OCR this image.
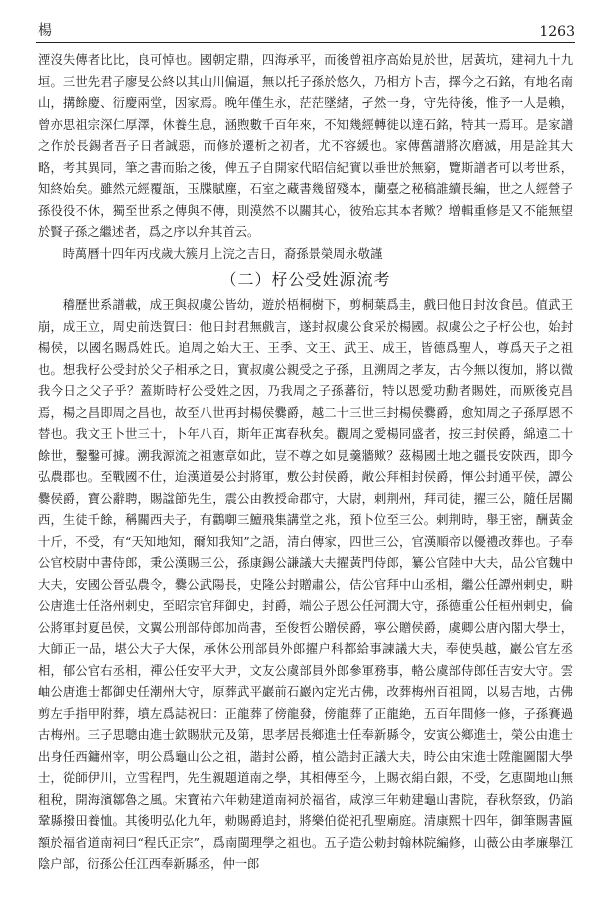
楊	1263

湮沒失傳者比比，良可悼也。國朝定鼎，四海承平，而後曾祖序高始見於世，居黃坑，建祠九十九垣。三世先君子廖旻公終以其山川偏逼，無以托子孫於悠久，乃相方卜吉，擇今之石銘，有地名南山，搆餘慶、衍慶兩堂，因家焉。晚年僅生永，茫茫墜緒，孑然一身，守先待後，惟予一人是賴，曾亦思祖宗深仁厚澤，休養生息，涵煦數千百年來，不知幾經轉徙以達石銘，特其一焉耳。是家譜之作於長錫者吾子日者誠惡，而修於遷析之初者，尤不容緩也。家傳舊譜將次磨滅，用是詮其大略，考其異同，筆之書而貽之後，俾五子自開家代昭信紀實以垂世於無窮，覽斯譜者可以考世系，知終始矣。雖然元經覆瓿，玉牒賦塵，石室之藏書幾留殘本，蘭臺之秘稿誰續長編，世之人經營子孫役役不休，獨至世系之傳與不傳，則漠然不以關其心，彼殆忘其本者歟？增輯重修是又不能無望於賢子孫之繼述者，爲之序以弁其首云。

時萬曆十四年丙戌歲大簇月上浣之吉日，裔孫景榮周永敬謹

（二）杍公受姓源流考

稽歷世系譜載，成王與叔虞公皆幼，遊於梧桐樹下，剪桐葉爲圭，戲曰他日封汝食邑。值武王崩，成王立，周史前迭賀曰：他日封君無戲言，遂封叔虞公食采於楊國。叔虞公之子杍公也，始封楊侯，以國名賜爲姓氏。追周之始大王、王季、文王、武王、成王，皆德爲聖人，尊爲天子之祖也。想我杍公受封於父子相承之日，實叔虞公親受之子孫，且溯周之孝友，古今無以復加，將以微我今日之父子乎？蓋斯時杍公受姓之因，乃我周之子孫蕃衍，特以恩愛功勳者賜姓，而厥後克昌焉，楊之昌即周之昌也，故至八世再封楊侯爨爵，越二十三世三封楊侯爨爵，愈知周之子孫厚恩不替也。我文王卜世三十，卜年八百，斯年正寓春秋矣。觀周之愛楊同盛者，按三封侯爵，綿遠二十餘世，鑿鑿可據。溯我源流之祖憲章如此，豈不尊之如見羹牆歟？茲楊國土地之疆長安陝西，即今弘農郡也。至戰國不仕，迨漢道晏公封將軍，敷公封侯爵，敞公拜相封侯爵，惲公封通平侯，譚公爨侯爵，寶公辭聘，賜諡節先生，震公由教授命郡守，大尉，剌荆州，拜司徒，擢三公，隨任居關西，生徒千餘，稱關西夫子，有鸛啣三鱣飛集講堂之兆，預卜位至三公。剌荆時，舉王密，酬黃金十斤，不受，有“天知地知，爾知我知”之語，清白傳家，四世三公，官漢順帝以優禮改葬也。子奉公官校尉中書侍郎，秉公漢賜三公，孫康錫公謙議大夫擢黃門侍郎，纂公官陸中大夫，品公官魏中大夫，安國公晉弘農令，爨公武陽長，史隆公封贈肅公，佶公官拜中山丞相，繼公任譚州剌史，畊公唐進士任洛州剌史，至昭宗官拜御史，封爵，端公子恩公任河潤大守，孫德重公任桓州剌史，倫公將軍封夏邑侯，文翼公刑部侍郎加尚書，至俊哲公贈侯爵，寧公贈侯爵，虞卿公唐內閣大學士，大師正一品，堪公大子大保，承休公刑部員外郎擢户科都給事諫議大夫，奉使吳越，巖公官左丞相，郁公官右丞相，禪公任安平大尹，文友公虞部員外郎參軍務事，輅公虞部侍郎任吉安大守。雲岫公唐進士都御史任潮州大守，原葬武平巖前石巖內定光古佛，改葬梅州百祖岡，以易吉地，古佛剪左手指甲附葬，墳左爲誌祝曰：正龍葬了傍龍發，傍龍葬了正龍絶，五百年間修一修，子孫賽過古梅州。三子思聰由進士欽賜狀元及第，思孝居長鄉進士任奉新縣令，安寅公鄉進士，榮公由進士出身任西鏞州宰，明公爲龜山公之祖，諧封公爵，植公誥封正議大夫，時公由宋進士陞龍圖閣大學士，從師伊川，立雪程門，先生親題道南之學，其相傳至今，上賜衣絹白銀，不受，乞恵閩地山無租稅，開海濱鄒魯之風。宋寶祐六年勅建道南祠於福省，咸淳三年勅建龜山書院，春秋祭致，仍諂鞏縣撥田養恤。其後明弘化九年，勅賜爵追封，將樂伯從祀孔聖廟庭。清康熙十四年，御筆賜書匾額於福省道南祠曰“程氏正宗”，爲南閩理學之祖也。五子造公勅封翰林院編修，山薇公由孝廉舉江陰户部，衍孫公任江西奉新縣丞，仲一郎
